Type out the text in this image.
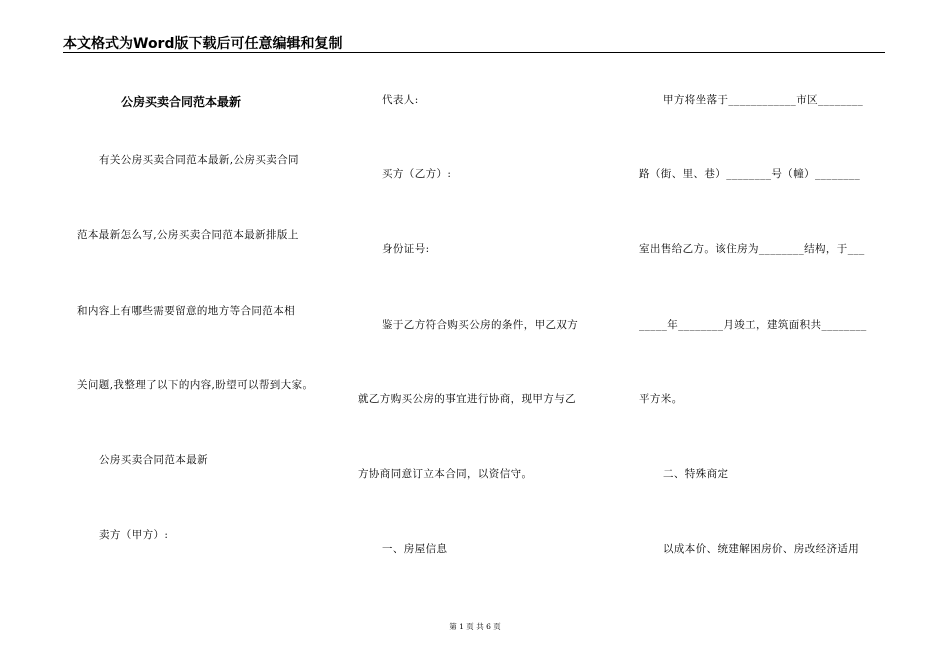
本文格式为Word版下载后可任意编辑和复制
公房买卖合同范本最新
有关公房买卖合同范本最新,公房买卖合同
范本最新怎么写,公房买卖合同范本最新排版上
和内容上有哪些需要留意的地方等合同范本相
关问题,我整理了以下的内容,盼望可以帮到大家。
公房买卖合同范本最新
卖方（甲方）:
代表人:
买方（乙方）:
身份证号:
鉴于乙方符合购买公房的条件，甲乙双方
就乙方购买公房的事宜进行协商，现甲方与乙
方协商同意订立本合同，以资信守。
一、房屋信息
甲方将坐落于____________市区________
路（街、里、巷）________号（幢）________
室出售给乙方。该住房为________结构，于___
_____年________月竣工，建筑面积共________
平方米。
二、特殊商定
以成本价、统建解困房价、房改经济适用
第 1 页 共 6 页
